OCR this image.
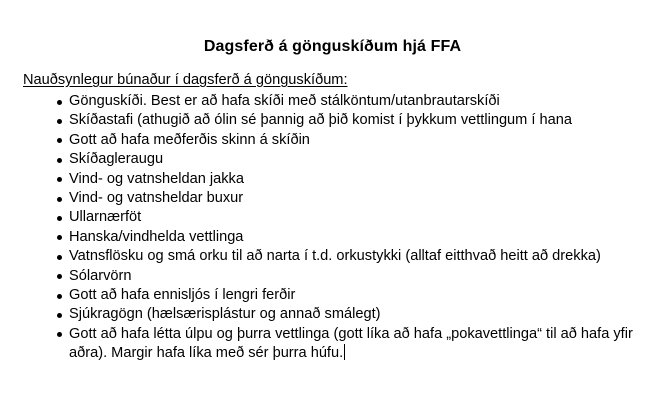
Dagsferð á gönguskíðum hjá FFA
Nauðsynlegur búnaður í dagsferð á gönguskíðum:
Gönguskíði. Best er að hafa skíði með stálköntum/utanbrautarskíði
Skíðastafi (athugið að ólin sé þannig að þið komist í þykkum vettlingum í hana
Gott að hafa meðferðis skinn á skíðin
Skíðagleraugu
Vind- og vatnsheldan jakka
Vind- og vatnsheldar buxur
Ullarnærföt
Hanska/vindhelda vettlinga
Vatnsflösku og smá orku til að narta í t.d. orkustykki (alltaf eitthvað heitt að drekka)
Sólarvörn
Gott að hafa ennisljós í lengri ferðir
Sjúkragögn (hælsærisplástur og annað smálegt)
Gott að hafa létta úlpu og þurra vettlinga (gott líka að hafa „pokavettlinga“ til að hafa yfir aðra). Margir hafa líka með sér þurra húfu.
